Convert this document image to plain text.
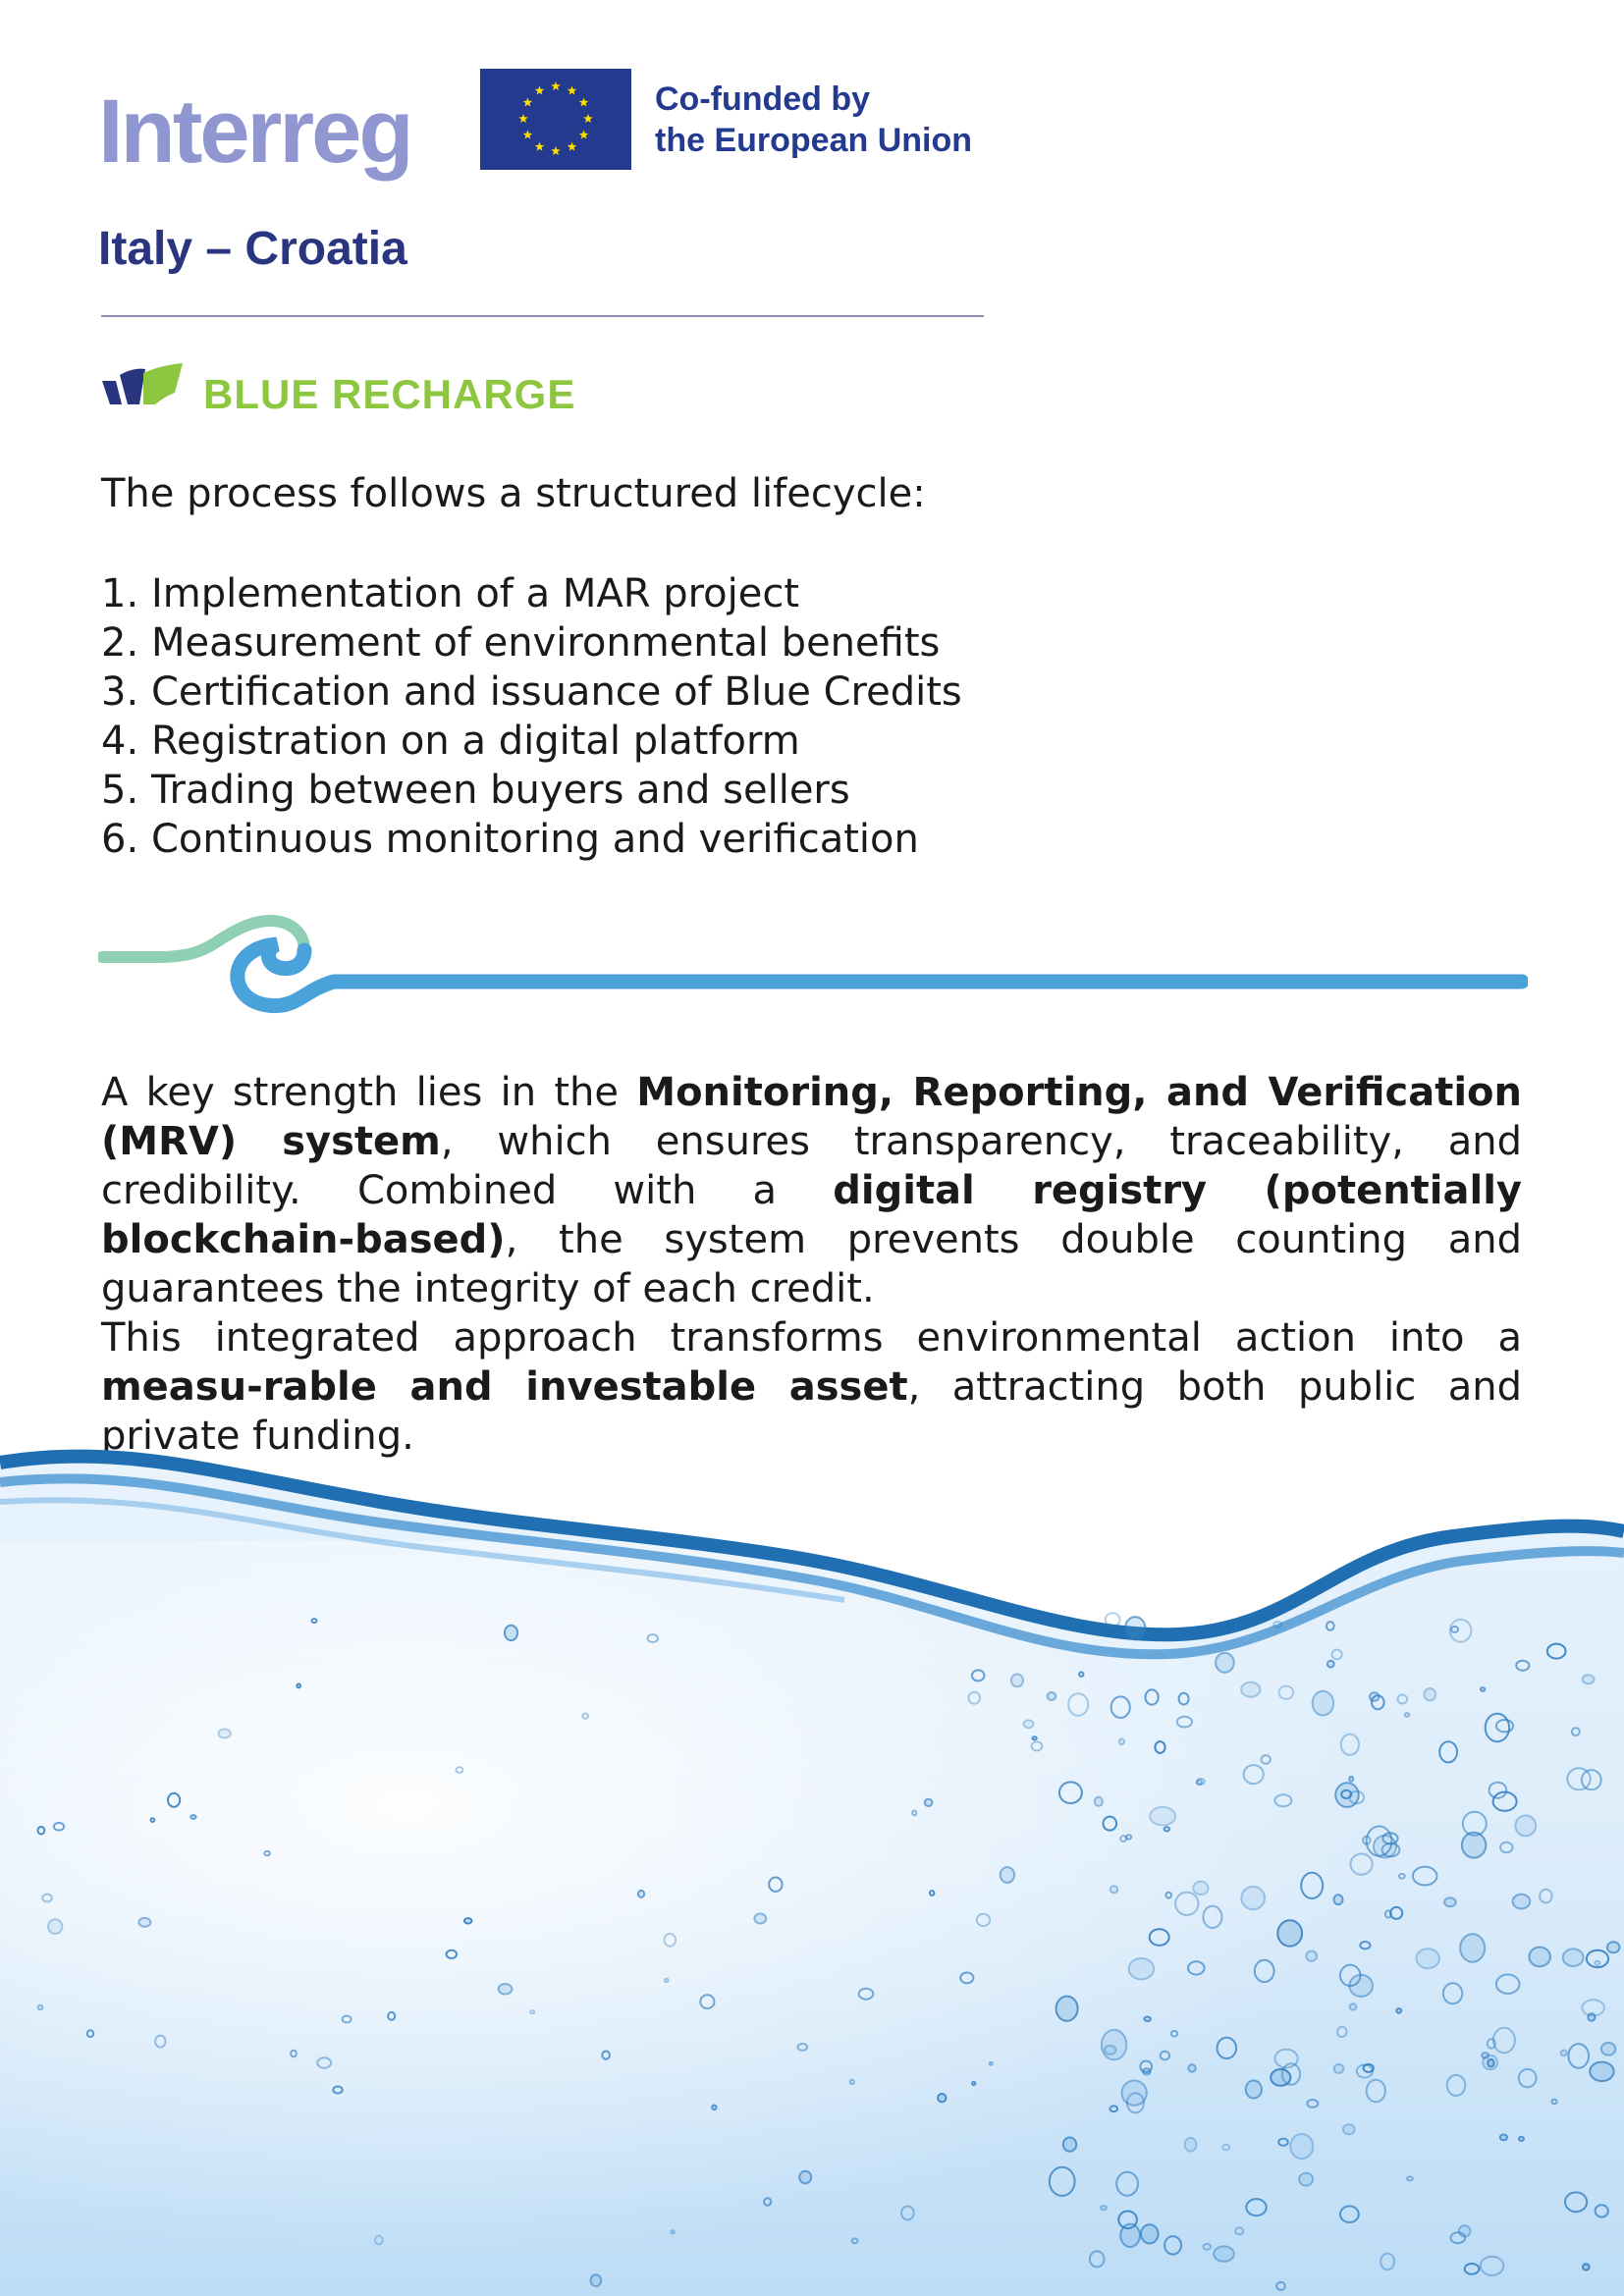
Interreg	Co-funded by
the European Union
Italy – Croatia
BLUE RECHARGE
The process follows a structured lifecycle:
1. Implementation of a MAR project
2. Measurement of environmental benefits
3. Certification and issuance of Blue Credits
4. Registration on a digital platform
5. Trading between buyers and sellers
6. Continuous monitoring and verification

A key strength lies in the Monitoring, Reporting, and Verification (MRV) system, which ensures transparency, traceability, and credibility. Combined with a digital registry (potentially blockchain-based), the system prevents double counting and guarantees the integrity of each credit.

This integrated approach transforms environmental action into a measu-rable and investable asset, attracting both public and private funding.
